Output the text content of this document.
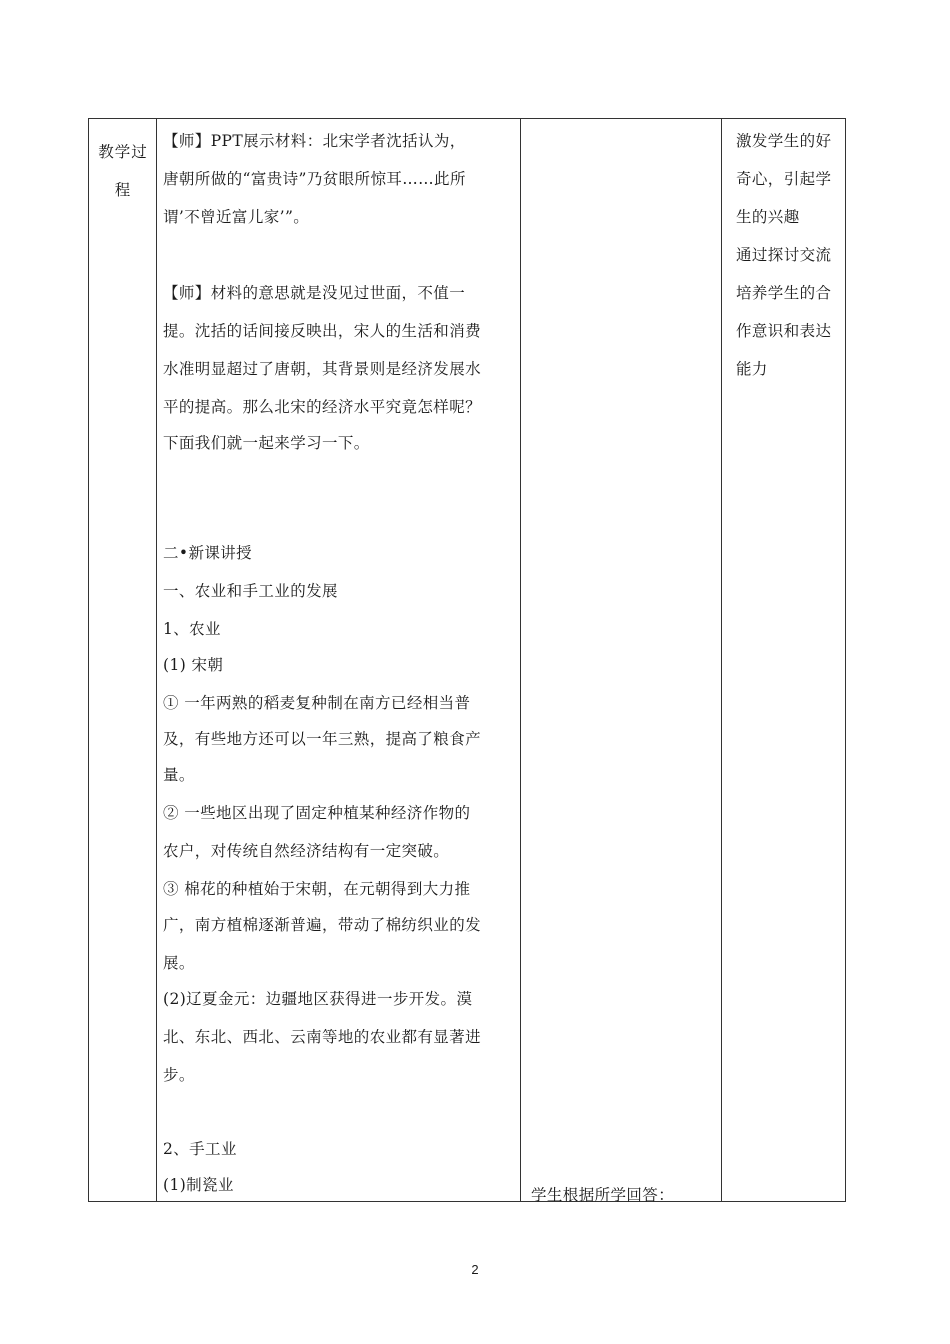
教学过
程
【师】PPT展示材料：北宋学者沈括认为，
唐朝所做的“富贵诗”乃贫眼所惊耳……此所
谓’不曾近富儿家’”。
【师】材料的意思就是没见过世面，不值一
提。沈括的话间接反映出，宋人的生活和消费
水准明显超过了唐朝，其背景则是经济发展水
平的提高。那么北宋的经济水平究竟怎样呢？
下面我们就一起来学习一下。
二•新课讲授
一、农业和手工业的发展
1、农业
(1) 宋朝
① 一年两熟的稻麦复种制在南方已经相当普
及，有些地方还可以一年三熟，提高了粮食产
量。
② 一些地区出现了固定种植某种经济作物的
农户，对传统自然经济结构有一定突破。
③ 棉花的种植始于宋朝，在元朝得到大力推
广，南方植棉逐渐普遍，带动了棉纺织业的发
展。
(2)辽夏金元：边疆地区获得进一步开发。漠
北、东北、西北、云南等地的农业都有显著进
步。
2、手工业
(1)制瓷业
学生根据所学回答：
激发学生的好
奇心，引起学
生的兴趣
通过探讨交流
培养学生的合
作意识和表达
能力
2
